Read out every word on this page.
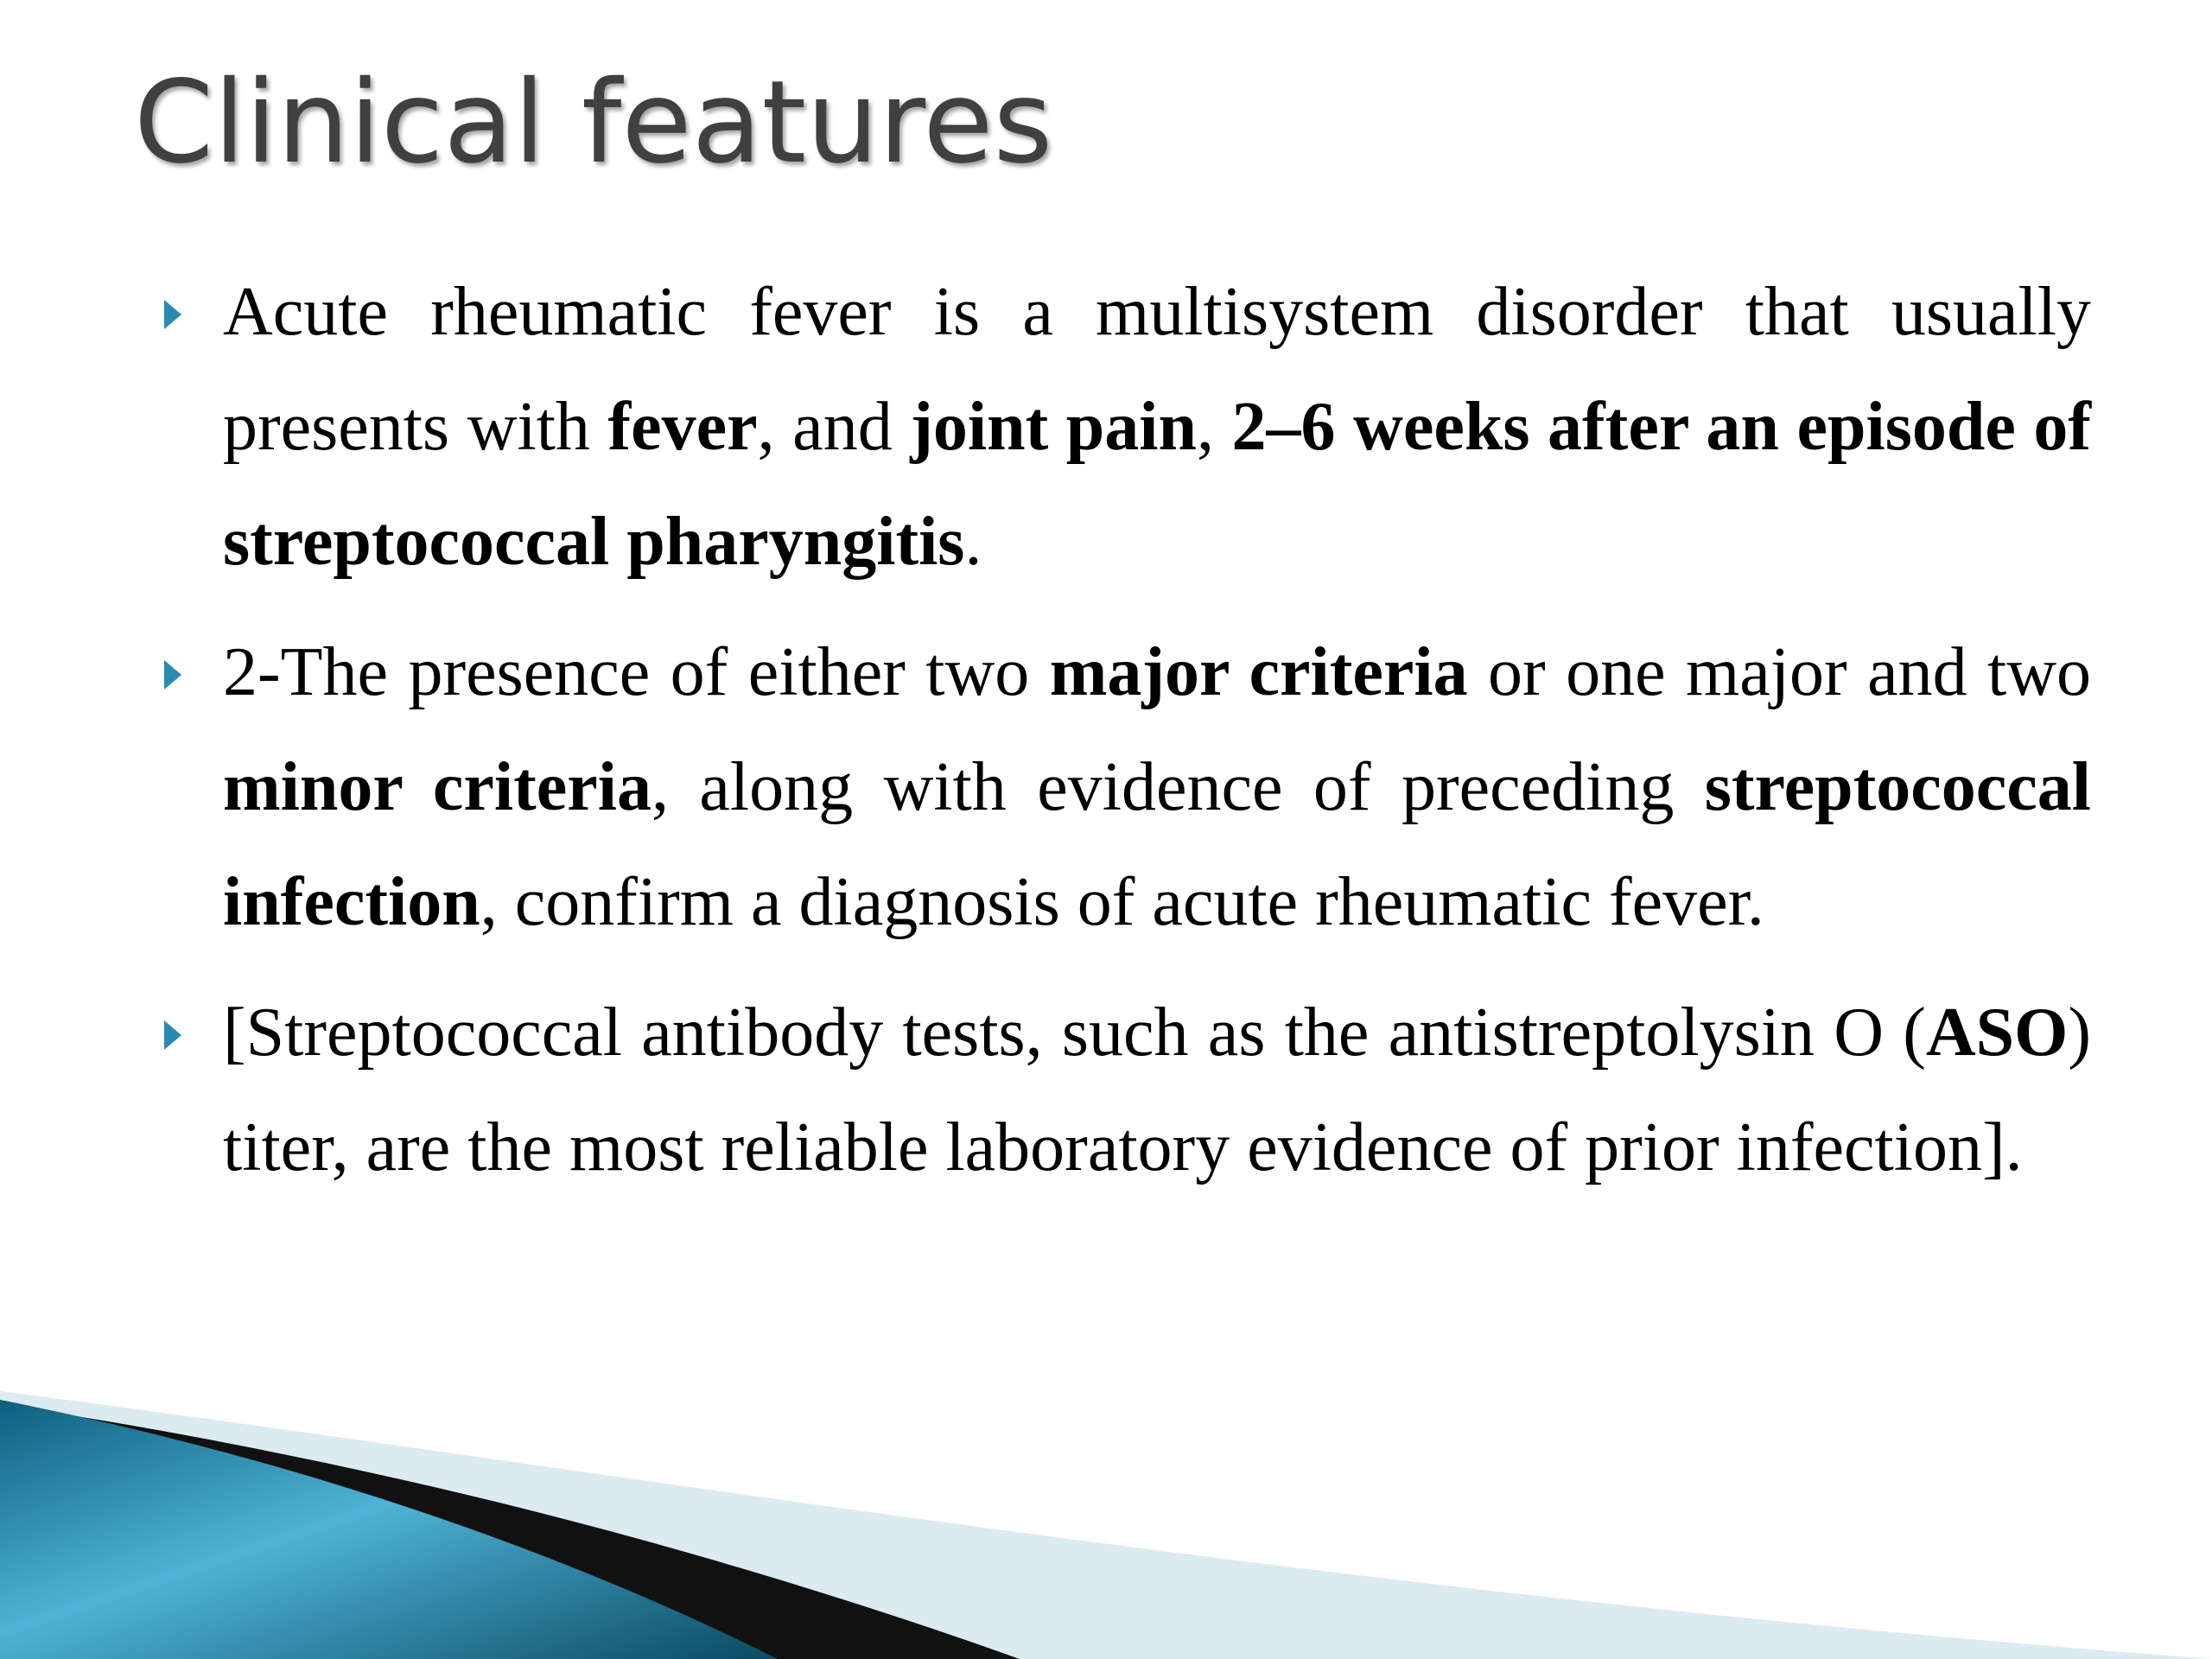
Clinical features
Acute rheumatic fever is a multisystem disorder that usually presents with fever, and joint pain, 2–6 weeks after an episode of streptococcal pharyngitis.
2-The presence of either two major criteria or one major and two minor criteria, along with evidence of preceding streptococcal infection, confirm a diagnosis of acute rheumatic fever.
[Streptococcal antibody tests, such as the antistreptolysin O (ASO) titer, are the most reliable laboratory evidence of prior infection].
